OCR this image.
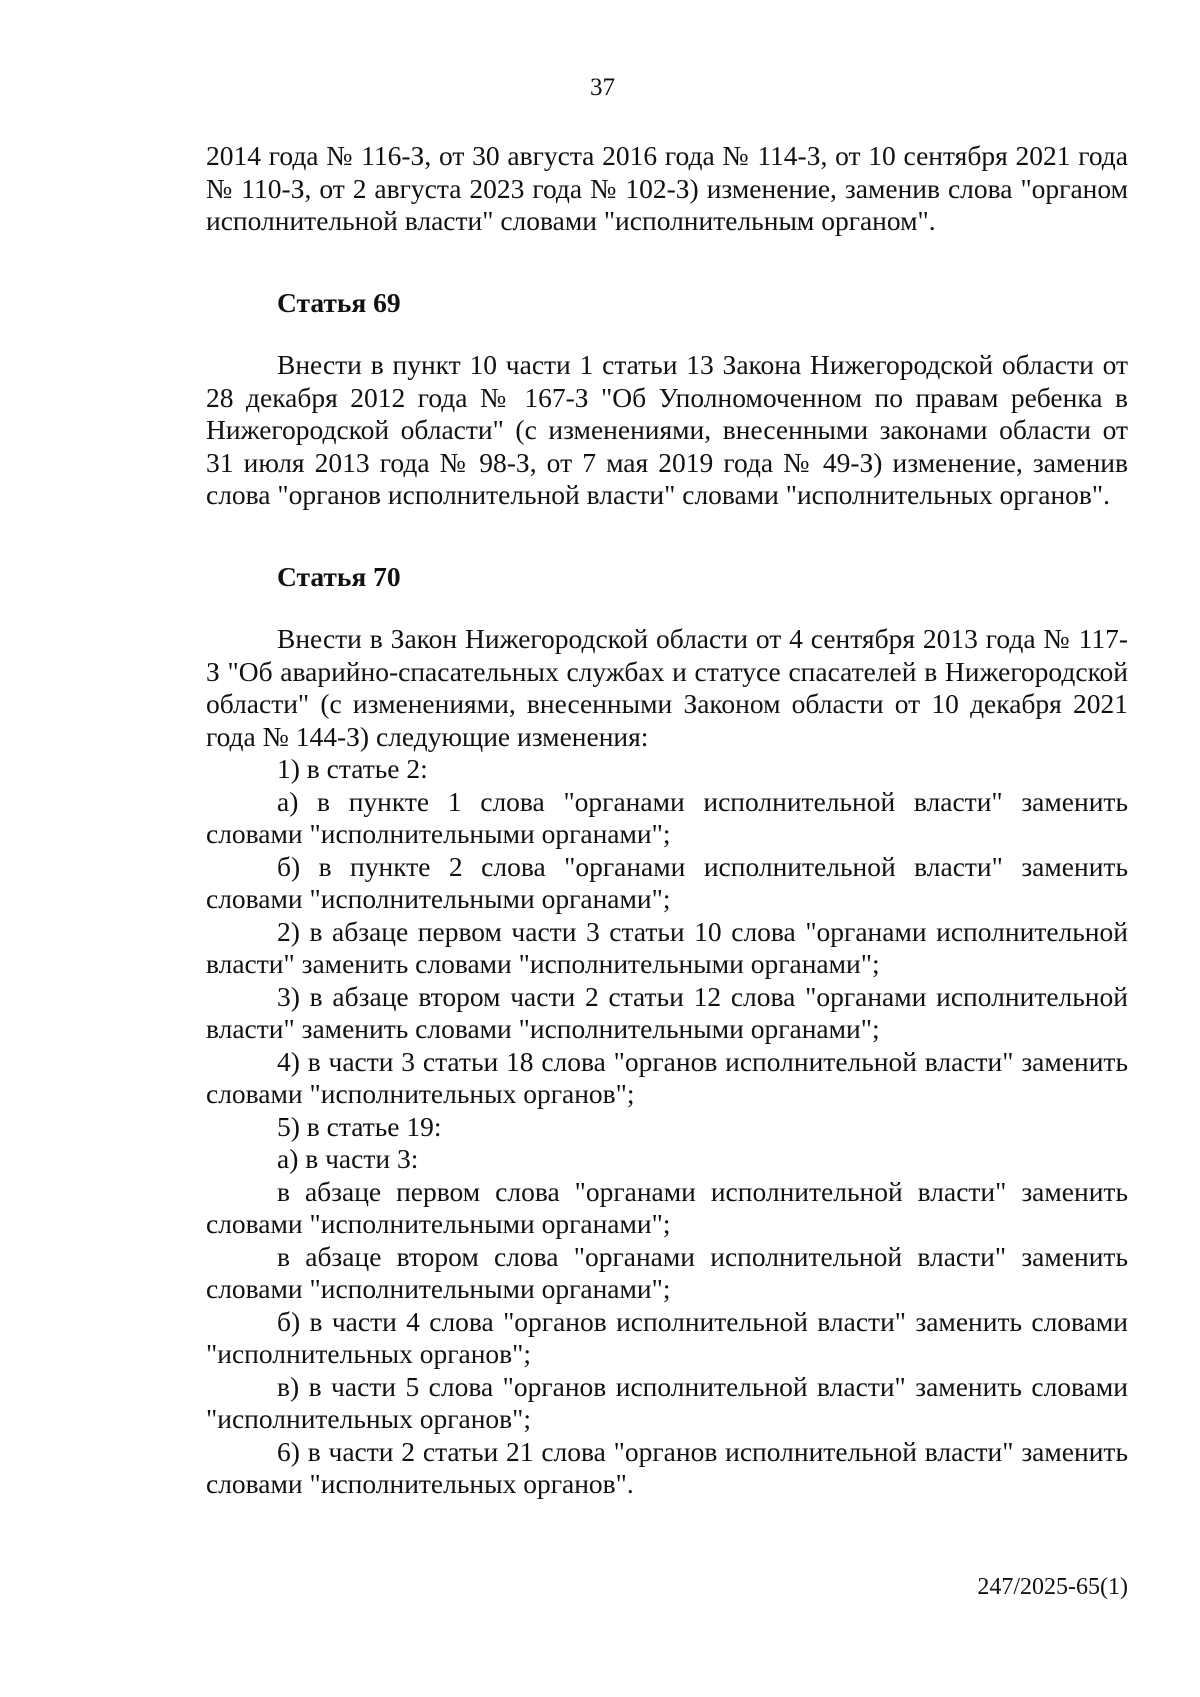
37

2014 года № 116-З, от 30 августа 2016 года № 114-З, от 10 сентября 2021 года № 110-З, от 2 августа 2023 года № 102-З) изменение, заменив слова "органом исполнительной власти" словами "исполнительным органом".

Статья 69

Внести в пункт 10 части 1 статьи 13 Закона Нижегородской области от 28 декабря 2012 года № 167-З "Об Уполномоченном по правам ребенка в Нижегородской области" (с изменениями, внесенными законами области от 31 июля 2013 года № 98-З, от 7 мая 2019 года № 49-З) изменение, заменив слова "органов исполнительной власти" словами "исполнительных органов".

Статья 70

Внести в Закон Нижегородской области от 4 сентября 2013 года № 117-З "Об аварийно-спасательных службах и статусе спасателей в Нижегородской области" (с изменениями, внесенными Законом области от 10 декабря 2021 года № 144-З) следующие изменения:

1) в статье 2:

а) в пункте 1 слова "органами исполнительной власти" заменить словами "исполнительными органами";

б) в пункте 2 слова "органами исполнительной власти" заменить словами "исполнительными органами";

2) в абзаце первом части 3 статьи 10 слова "органами исполнительной власти" заменить словами "исполнительными органами";

3) в абзаце втором части 2 статьи 12 слова "органами исполнительной власти" заменить словами "исполнительными органами";

4) в части 3 статьи 18 слова "органов исполнительной власти" заменить словами "исполнительных органов";

5) в статье 19:

а) в части 3:

в абзаце первом слова "органами исполнительной власти" заменить словами "исполнительными органами";

в абзаце втором слова "органами исполнительной власти" заменить словами "исполнительными органами";

б) в части 4 слова "органов исполнительной власти" заменить словами "исполнительных органов";

в) в части 5 слова "органов исполнительной власти" заменить словами "исполнительных органов";

6) в части 2 статьи 21 слова "органов исполнительной власти" заменить словами "исполнительных органов".

247/2025-65(1)
